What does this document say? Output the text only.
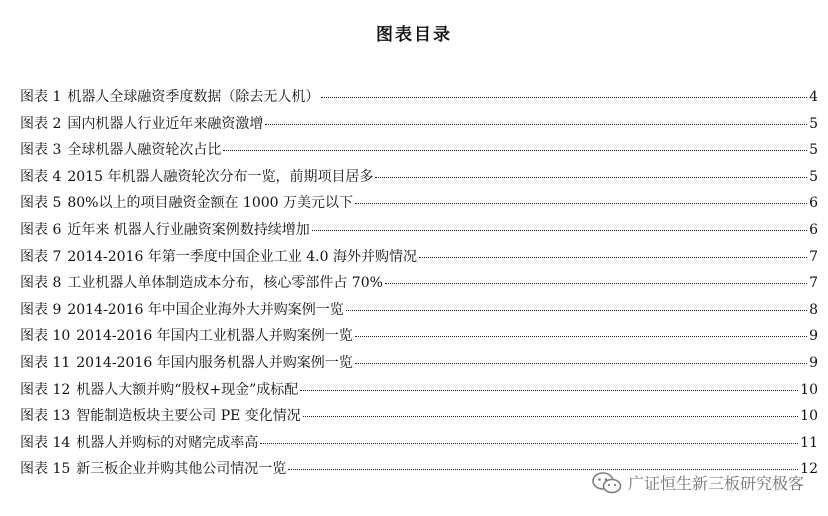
图表目录
图表 1 机器人全球融资季度数据（除去无人机）	4
图表 2 国内机器人行业近年来融资激增	5
图表 3 全球机器人融资轮次占比	5
图表 4 2015 年机器人融资轮次分布一览，前期项目居多	5
图表 5 80%以上的项目融资金额在 1000 万美元以下	6
图表 6 近年来 机器人行业融资案例数持续增加	6
图表 7 2014-2016 年第一季度中国企业工业 4.0 海外并购情况	7
图表 8 工业机器人单体制造成本分布，核心零部件占 70%	7
图表 9 2014-2016 年中国企业海外大并购案例一览	8
图表 10 2014-2016 年国内工业机器人并购案例一览	9
图表 11 2014-2016 年国内服务机器人并购案例一览	9
图表 12 机器人大额并购“股权+现金”成标配	10
图表 13 智能制造板块主要公司 PE 变化情况	10
图表 14 机器人并购标的对赌完成率高	11
图表 15 新三板企业并购其他公司情况一览	12
广证恒生新三板研究极客
